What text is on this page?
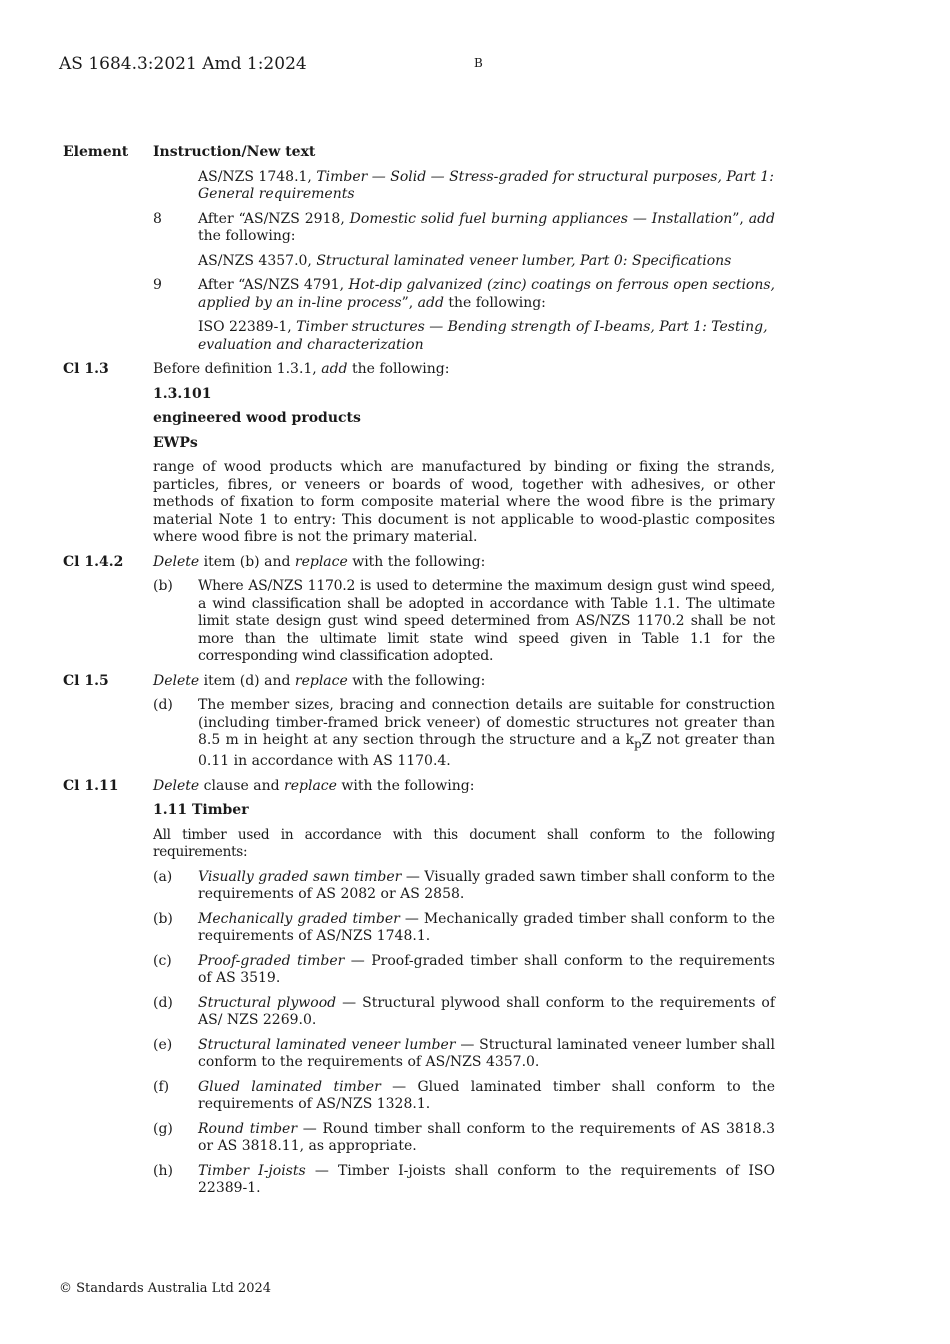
AS 1684.3:2021 Amd 1:2024	B
Element	Instruction/New text
AS/NZS 1748.1, Timber — Solid — Stress-graded for structural purposes, Part 1: General requirements
8	After “AS/NZS 2918, Domestic solid fuel burning appliances — Installation”, add the following:
AS/NZS 4357.0, Structural laminated veneer lumber, Part 0: Specifications
9	After “AS/NZS 4791, Hot-dip galvanized (zinc) coatings on ferrous open sections, applied by an in-line process”, add the following:
ISO 22389-1, Timber structures — Bending strength of I-beams, Part 1: Testing, evaluation and characterization
Cl 1.3	Before definition 1.3.1, add the following:
1.3.101
engineered wood products
EWPs
range of wood products which are manufactured by binding or fixing the strands, particles, fibres, or veneers or boards of wood, together with adhesives, or other methods of fixation to form composite material where the wood fibre is the primary material Note 1 to entry: This document is not applicable to wood-plastic composites where wood fibre is not the primary material.
Cl 1.4.2	Delete item (b) and replace with the following:
(b)	Where AS/NZS 1170.2 is used to determine the maximum design gust wind speed, a wind classification shall be adopted in accordance with Table 1.1. The ultimate limit state design gust wind speed determined from AS/NZS 1170.2 shall be not more than the ultimate limit state wind speed given in Table 1.1 for the corresponding wind classification adopted.
Cl 1.5	Delete item (d) and replace with the following:
(d)	The member sizes, bracing and connection details are suitable for construction (including timber-framed brick veneer) of domestic structures not greater than 8.5 m in height at any section through the structure and a $k_pZ$ not greater than 0.11 in accordance with AS 1170.4.
Cl 1.11	Delete clause and replace with the following:
1.11 Timber
All timber used in accordance with this document shall conform to the following requirements:
(a)	Visually graded sawn timber — Visually graded sawn timber shall conform to the requirements of AS 2082 or AS 2858.
(b)	Mechanically graded timber — Mechanically graded timber shall conform to the requirements of AS/NZS 1748.1.
(c)	Proof-graded timber — Proof-graded timber shall conform to the requirements of AS 3519.
(d)	Structural plywood — Structural plywood shall conform to the requirements of AS/ NZS 2269.0.
(e)	Structural laminated veneer lumber — Structural laminated veneer lumber shall conform to the requirements of AS/NZS 4357.0.
(f)	Glued laminated timber — Glued laminated timber shall conform to the requirements of AS/NZS 1328.1.
(g)	Round timber — Round timber shall conform to the requirements of AS 3818.3 or AS 3818.11, as appropriate.
(h)	Timber I-joists — Timber I-joists shall conform to the requirements of ISO 22389-1.
© Standards Australia Ltd 2024
